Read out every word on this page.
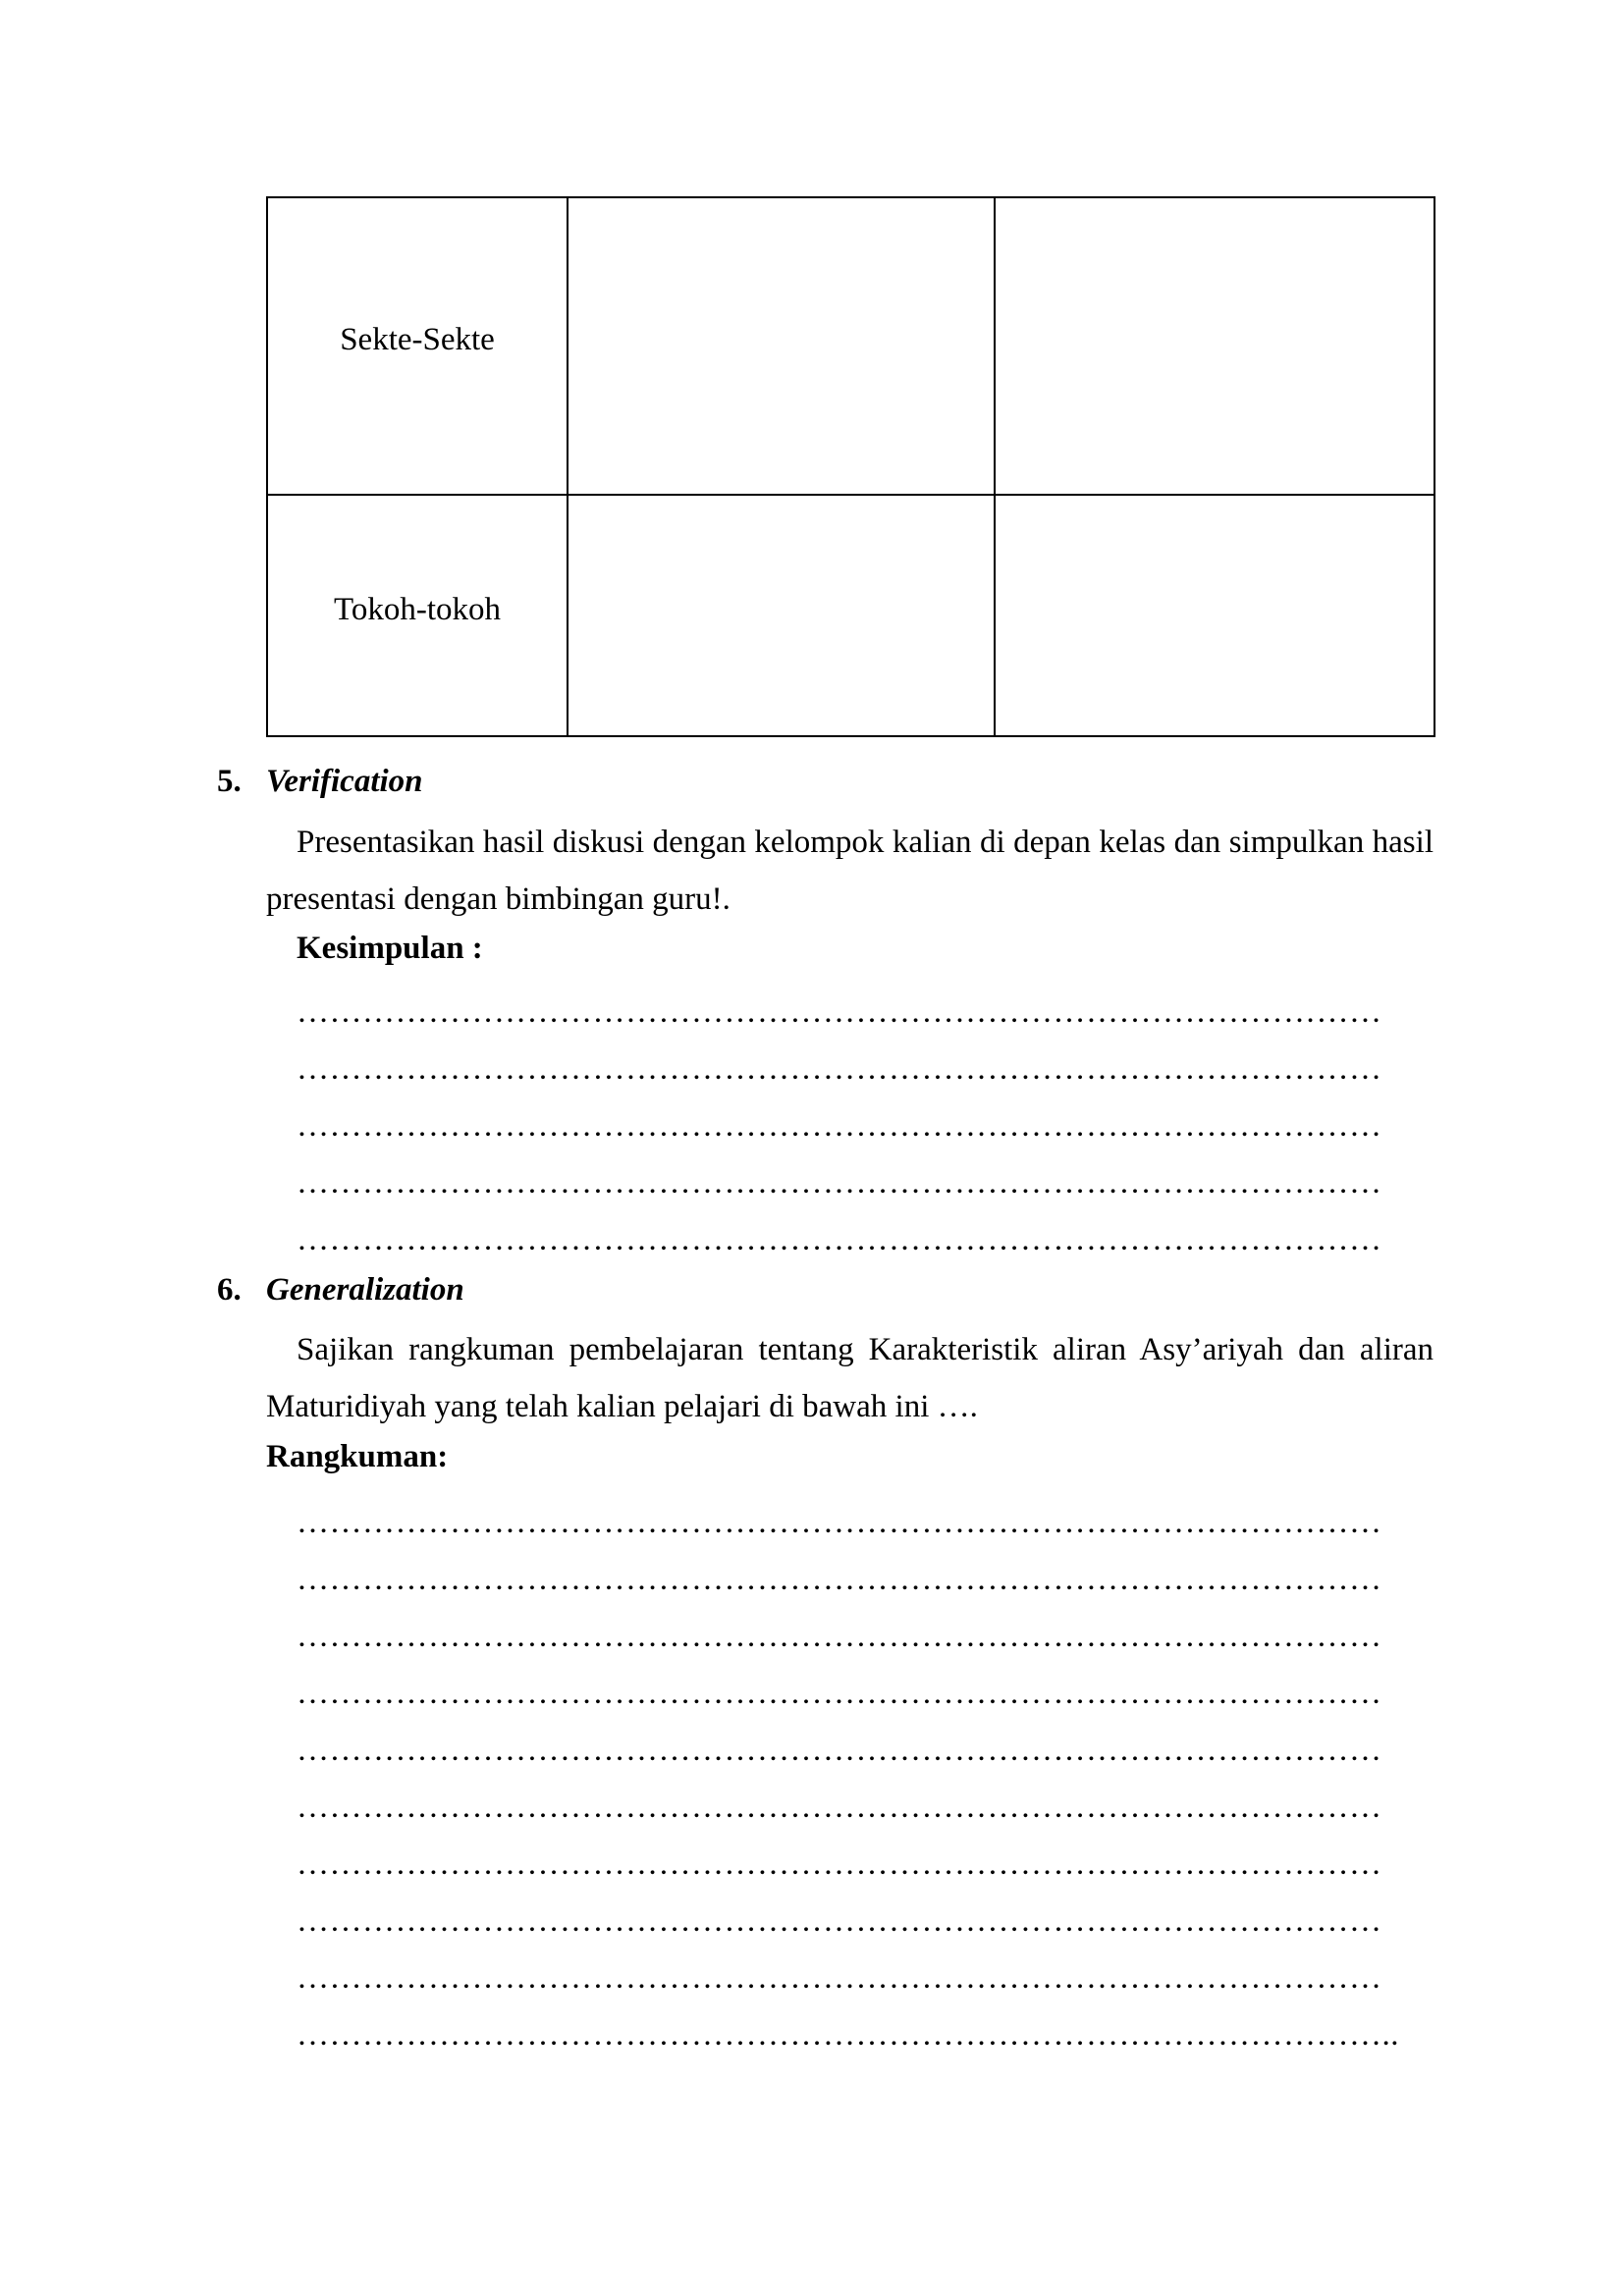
Sekte-Sekte		
Tokoh-tokoh		
5. Verification
Presentasikan hasil diskusi dengan kelompok kalian di depan kelas dan simpulkan hasil presentasi dengan bimbingan guru!.
Kesimpulan :
………………………………………………………………………………………
………………………………………………………………………………………
………………………………………………………………………………………
………………………………………………………………………………………
………………………………………………………………………………………
6. Generalization
Sajikan rangkuman pembelajaran tentang Karakteristik aliran Asy’ariyah dan aliran Maturidiyah yang telah kalian pelajari di bawah ini ….
Rangkuman:
………………………………………………………………………………………
………………………………………………………………………………………
………………………………………………………………………………………
………………………………………………………………………………………
………………………………………………………………………………………
………………………………………………………………………………………
………………………………………………………………………………………
………………………………………………………………………………………
………………………………………………………………………………………
………………………………………………………………………………………..
